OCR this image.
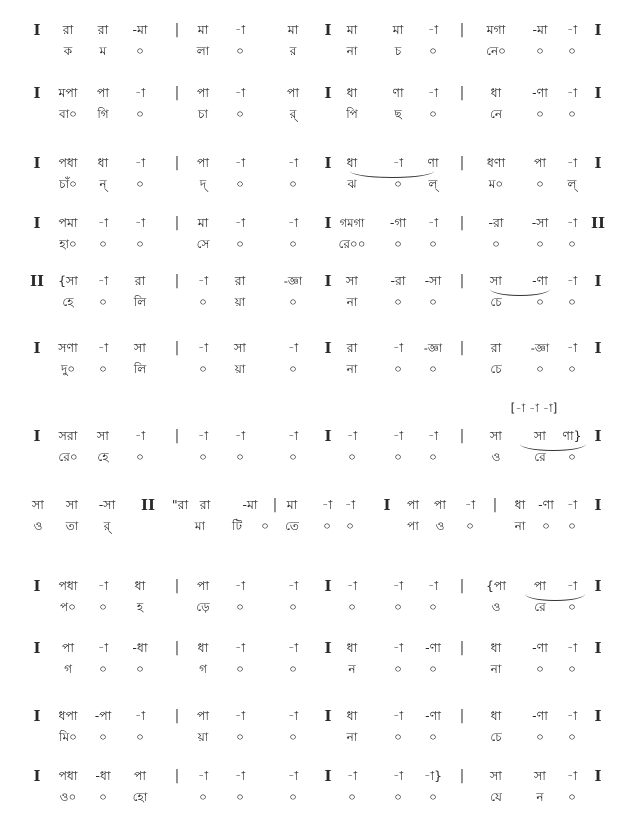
I রা রা -মা | মা -া	মা I মা	মা -া | মগা -মা -া I
ক ম ০	লা ০	র	না	চ ০	নে০	০ ০
I মপা পা -া | পা -া	পা I ধা	ণা -া | ধা -ণা -া I
বা০ গি ০	চা ০	র্	পি	ছ ০	নে	০ ০
I পধা ধা -া | পা -া	-া I ধা	-া ণা | ধণা পা -া I
চাঁ০ ন্ ০	দ্ ০	০	ঝ	০ ল্	ম০	০ ল্
I পমা -া -া | মা -া	-া I গমগা -গা -া | -রা -সা -া II
হা০ ০ ০	সে ০	০	রে০০ ০ ০	০	০ ০
II {সা -া রা | -া রা	-জ্ঞা I সা	-রা -সা | সা -ণা -া I
হে ০ লি	০ য়া	০	না	০ ০	চে	০ ০
I সণা -া সা | -া সা	-া I রা	-া -জ্ঞা | রা	-জ্ঞা -া I
দু০ ০ লি	০ য়া	০	না	০ ০	চে	০ ০
I সরা সা -া | -া -া	-া I -া	-া -া | সা	সা ণা} I
রে০ হে ০	০ ০	০	০	০ ০	ও	রে ০
[-া -া -া]
সা সা -সা II "রা রা	-মা | মা -া -া I পা পা -া | ধা -ণা -া I
ও তা র্	মা টি ০ তে ০ ০	পা ও ০	না ০ ০
I পধা -া ধা | পা -া	-া I -া	-া -া | {পা পা -া I
প০ ০ হ	ড়ে ০	০	০	০ ০	ও	রে ০
I পা -া -ধা | ধা -া	-া I ধা	-া -ণা | ধা -ণা -া I
গ ০ ০	গ ০	০	ন	০ ০	না	০ ০
I ধপা -পা -া | পা -া	-া I ধা	-া -ণা | ধা -ণা -া I
মি০ ০ ০	য়া ০	০	না	০ ০	চে	০ ০
I পধা -ধা পা | -া -া	-া I -া	-া -া} | সা	সা -া I
ও০ ০ হো	০ ০	০	০	০ ০	যে	ন ০
